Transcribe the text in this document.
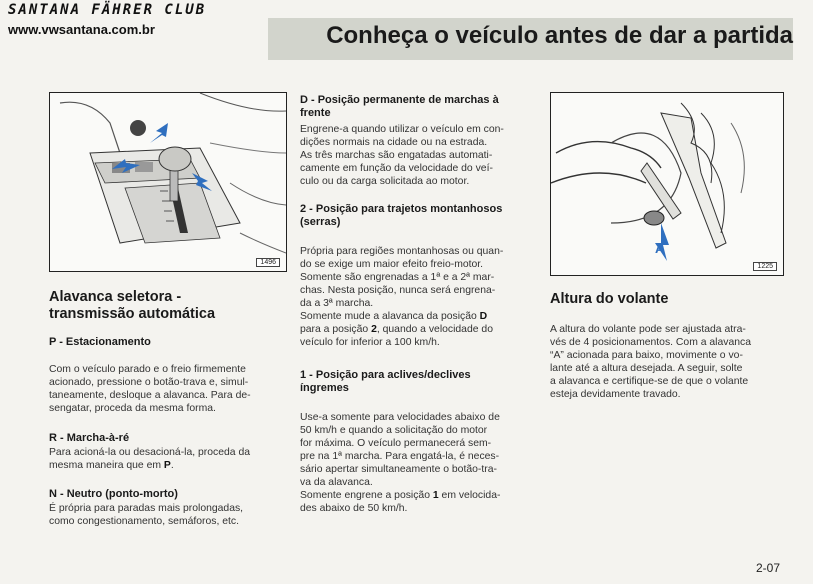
SANTANA FÄHRER CLUB
www.vwsantana.com.br	Conheça o veículo antes de dar a partida
1496
A
1225
Alavanca seletora -
transmissão automática

P - Estacionamento
Com o veículo parado e o freio firmemente
acionado, pressione o botão-trava e, simul-
taneamente, desloque a alavanca. Para de-
sengatar, proceda da mesma forma.
R - Marcha-à-ré
Para acioná-la ou desacioná-la, proceda da
mesma maneira que em P.
N - Neutro (ponto-morto)
É própria para paradas mais prolongadas,
como congestionamento, semáforos, etc.
D - Posição permanente de marchas à
frente
Engrene-a quando utilizar o veículo em con-
dições normais na cidade ou na estrada.
As três marchas são engatadas automati-
camente em função da velocidade do veí-
culo ou da carga solicitada ao motor.
2 - Posição para trajetos montanhosos
(serras)
Própria para regiões montanhosas ou quan-
do se exige um maior efeito freio-motor.
Somente são engrenadas a 1ª e a 2ª mar-
chas. Nesta posição, nunca será engrena-
da a 3ª marcha.
Somente mude a alavanca da posição D
para a posição 2, quando a velocidade do
veículo for inferior a 100 km/h.
1 - Posição para aclives/declives
íngremes
Use-a somente para velocidades abaixo de
50 km/h e quando a solicitação do motor
for máxima. O veículo permanecerá sem-
pre na 1ª marcha. Para engatá-la, é neces-
sário apertar simultaneamente o botão-tra-
va da alavanca.
Somente engrene a posição 1 em velocida-
des abaixo de 50 km/h.
Altura do volante
A altura do volante pode ser ajustada atra-
vés de 4 posicionamentos. Com a alavanca
“A” acionada para baixo, movimente o vo-
lante até a altura desejada. A seguir, solte
a alavanca e certifique-se de que o volante
esteja devidamente travado.
2-07
